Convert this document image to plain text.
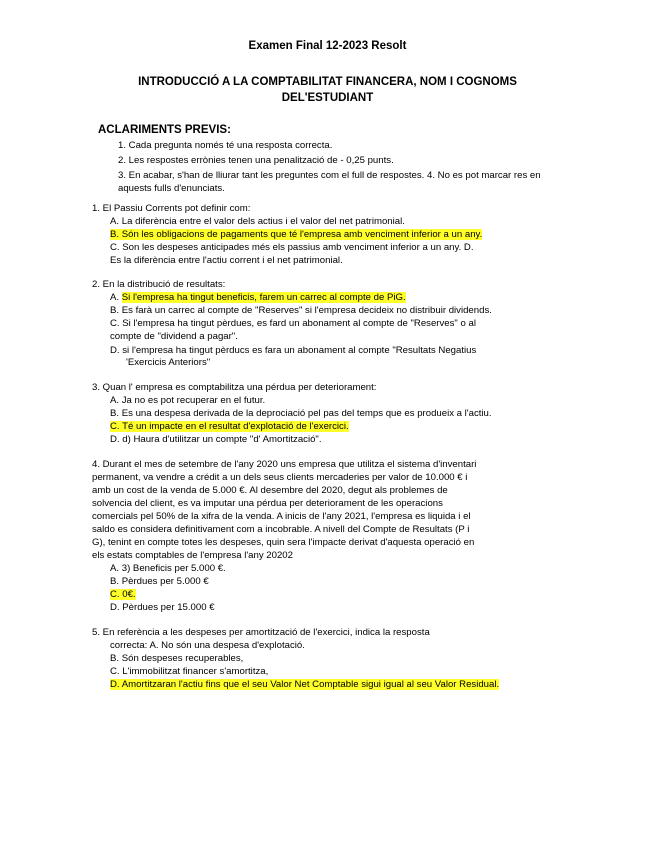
Examen Final 12-2023 Resolt
INTRODUCCIÓ A LA COMPTABILITAT FINANCERA, NOM I COGNOMS
DEL'ESTUDIANT
ACLARIMENTS PREVIS:
1. Cada pregunta només té una resposta correcta.
2. Les respostes errònies tenen una penalització de - 0,25 punts.
3. En acabar, s'han de lliurar tant les preguntes com el full de respostes. 4. No es pot marcar res en
aquests fulls d'enunciats.
1. El Passiu Corrents pot definir com:
A. La diferència entre el valor dels actius i el valor del net patrimonial.
B. Són les obligacions de pagaments que té l'empresa amb venciment inferior a un any.
C. Son les despeses anticipades més els passius amb venciment inferior a un any. D.
Es la diferència entre l'actiu corrent i el net patrimonial.
2. En la distribució de resultats:
A. Si l'empresa ha tingut beneficis, farem un carrec al compte de PiG.
B. Es farà un carrec al compte de "Reserves" si l'empresa decideix no distribuir dividends.
C. Si l'empresa ha tingut pèrdues, es fard un abonament al compte de "Reserves" o al
compte de "dividend a pagar".
D. si l'empresa ha tingut pèrducs es fara un abonament al compte "Resultats Negatius
'Exercicis Anteriors"
3. Quan l' empresa es comptabilitza una pérdua per deteriorament:
A. Ja no es pot recuperar en el futur.
B. Es una despesa derivada de la deprociació pel pas del temps que es produeix a l'actiu.
C. Té un impacte en el resultat d'explotació de l'exercici.
D. d) Haura d'utilitzar un compte "d' Amortització".
4. Durant el mes de setembre de l'any 2020 uns empresa que utilitza el sistema d'inventari
permanent, va vendre a crédit a un dels seus clients mercaderies per valor de 10.000 € i
amb un cost de la venda de 5.000 €. Al desembre del 2020, degut als problemes de
solvencia del client, es va imputar una pérdua per deteriorament de les operacions
comercials pel 50% de la xifra de la venda. A inicis de l'any 2021, l'empresa es liquida i el
saldo es considera definitivament com a incobrable. A nivell del Compte de Resultats (P i
G), tenint en compte totes les despeses, quin sera l'impacte derivat d'aquesta operació en
els estats comptables de l'empresa l'any 20202
A. 3) Beneficis per 5.000 €.
B. Pèrdues per 5.000 €
C. 0€.
D. Pèrdues per 15.000 €
5. En referència a les despeses per amortització de l'exercici, indica la resposta
correcta: A. No són una despesa d'explotació.
B. Són despeses recuperables,
C. L'immobilitzat financer s'amortitza,
D. Amortitzaran l'actiu fins que el seu Valor Net Comptable sigui igual al seu Valor Residual.
